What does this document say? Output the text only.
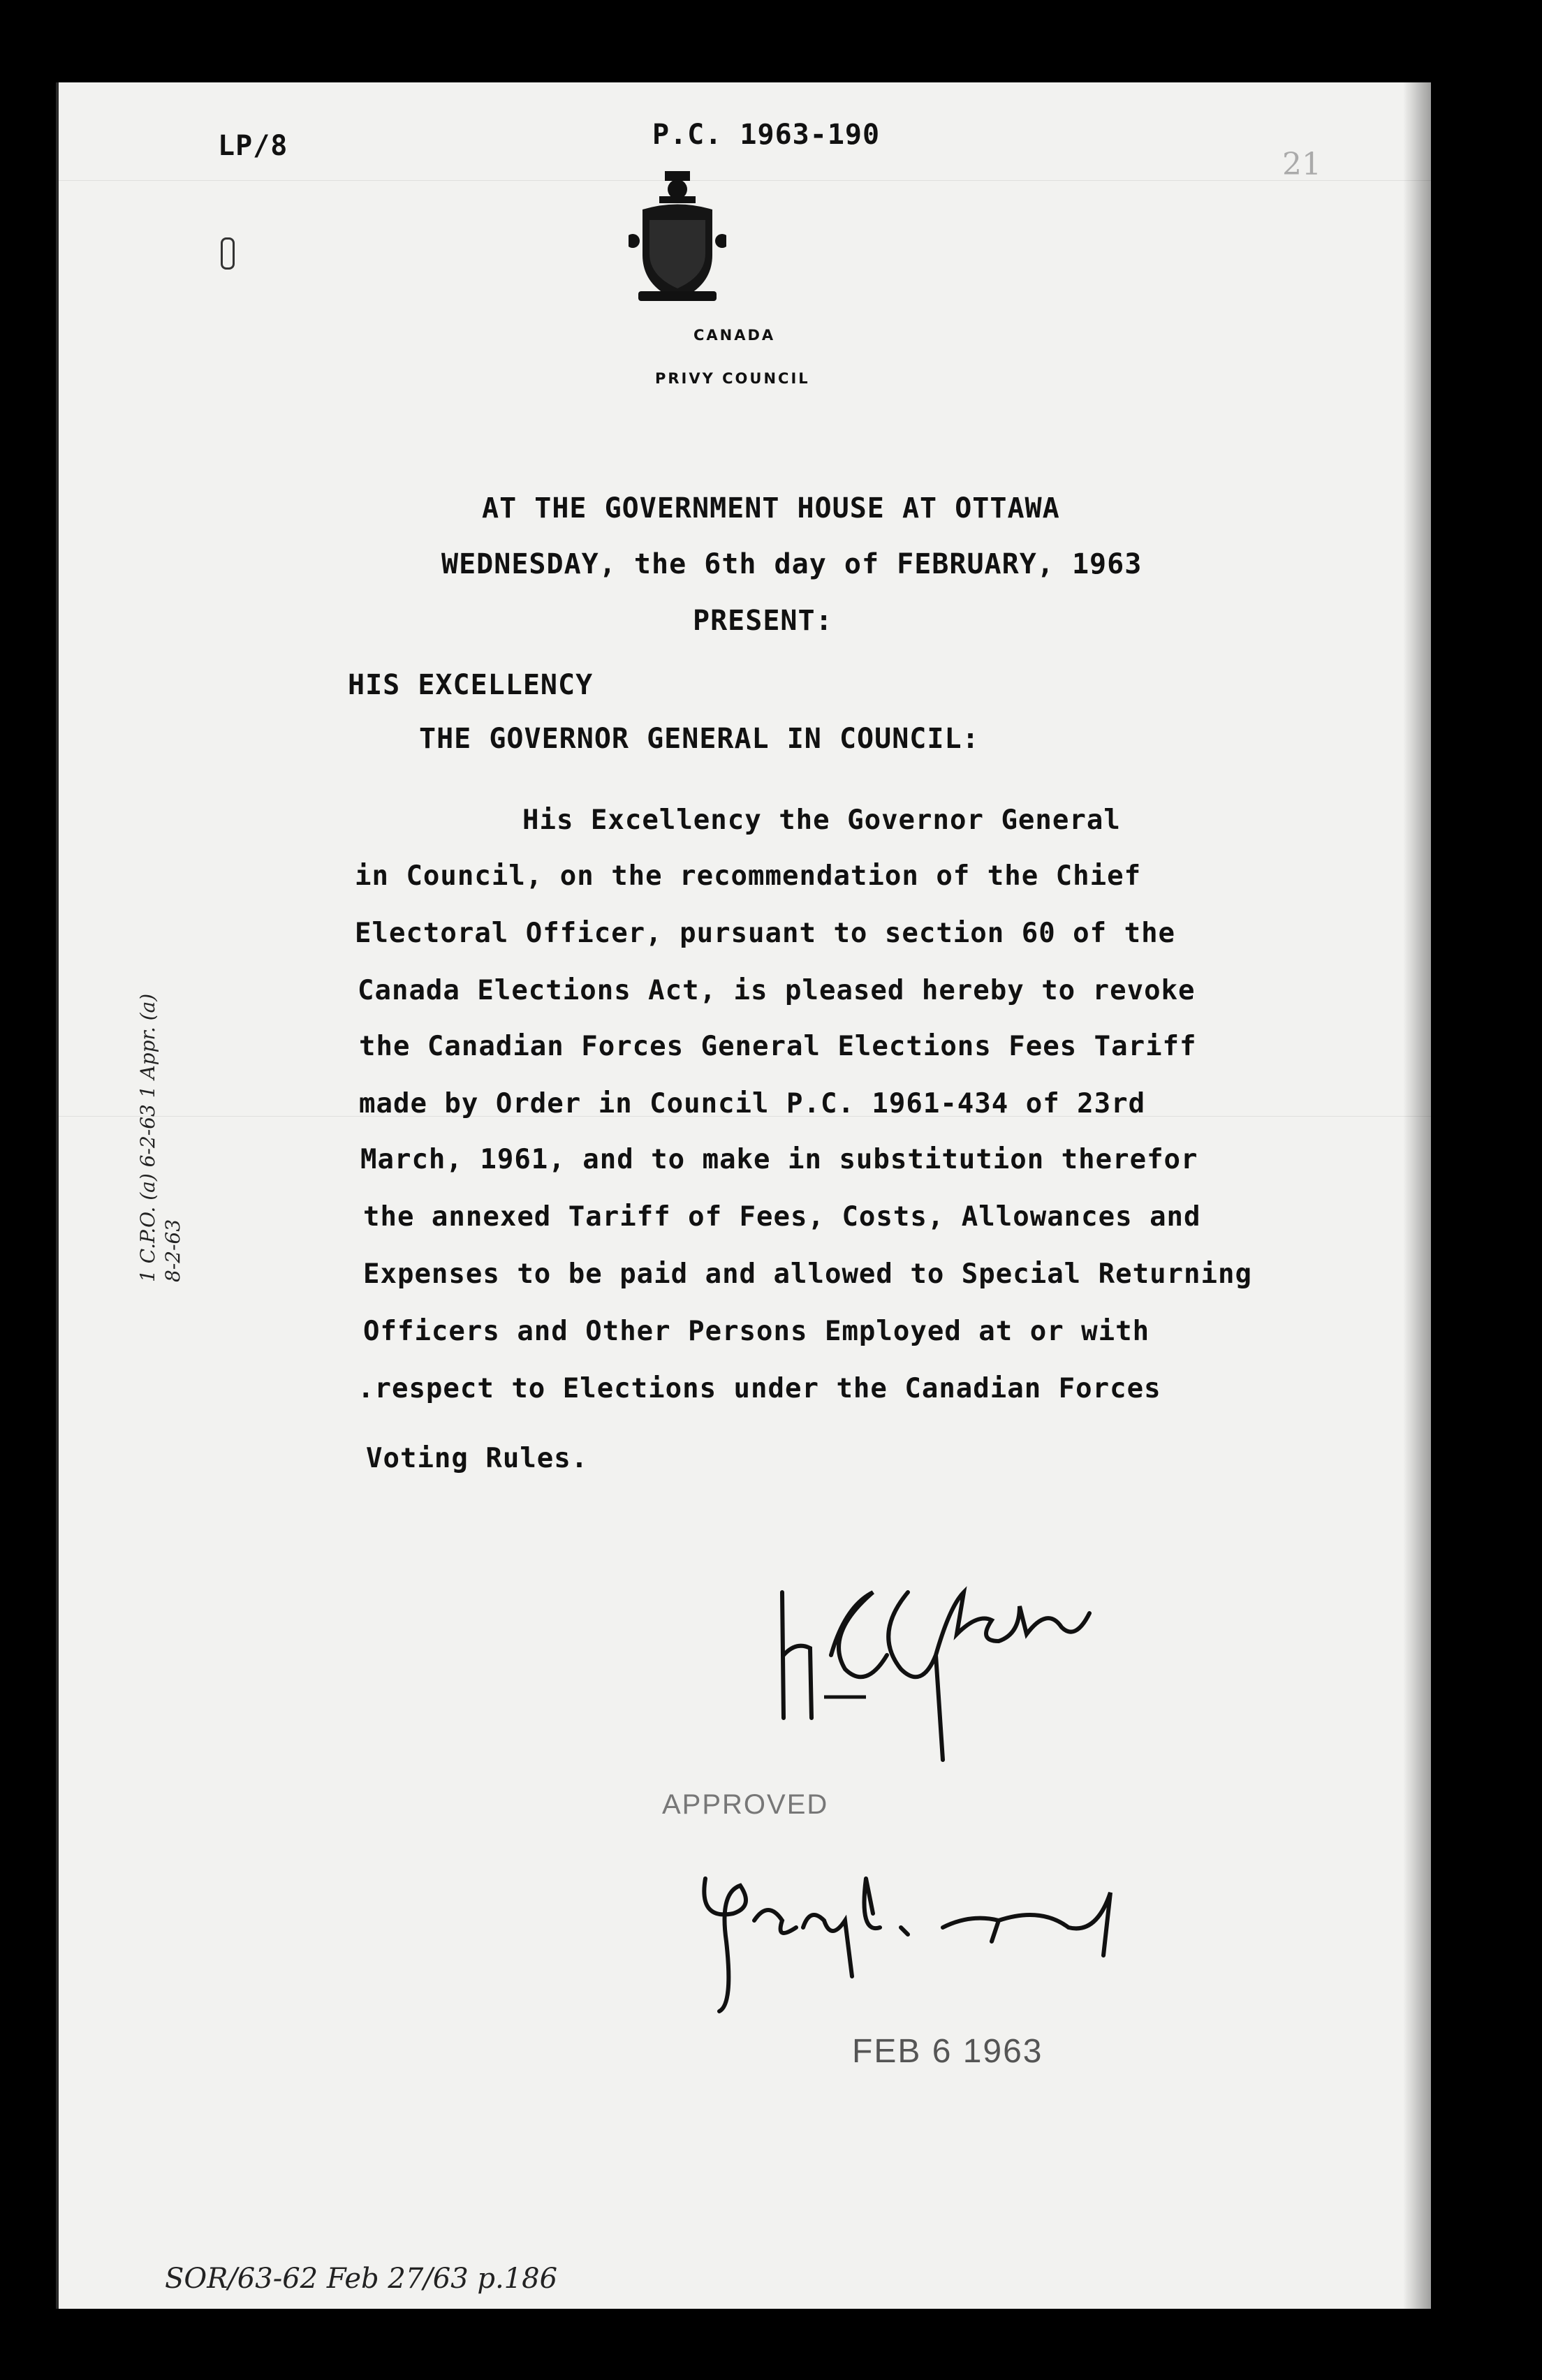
LP/8	P.C. 1963-190
21
CANADA
PRIVY COUNCIL
AT THE GOVERNMENT HOUSE AT OTTAWA
WEDNESDAY, the 6th day of FEBRUARY, 1963
PRESENT:
HIS EXCELLENCY
THE GOVERNOR GENERAL IN COUNCIL:
His Excellency the Governor General
in Council, on the recommendation of the Chief
Electoral Officer, pursuant to section 60 of the
Canada Elections Act, is pleased hereby to revoke
the Canadian Forces General Elections Fees Tariff
made by Order in Council P.C. 1961-434 of 23rd
March, 1961, and to make in substitution therefor
the annexed Tariff of Fees, Costs, Allowances and
Expenses to be paid and allowed to Special Returning
Officers and Other Persons Employed at or with
.respect to Elections under the Canadian Forces
Voting Rules.
1 C.P.O. (a) 6-2-63 1 Appr. (a) 8-2-63
APPROVED
FEB 6 1963
SOR/63-62 Feb 27/63 p.186
